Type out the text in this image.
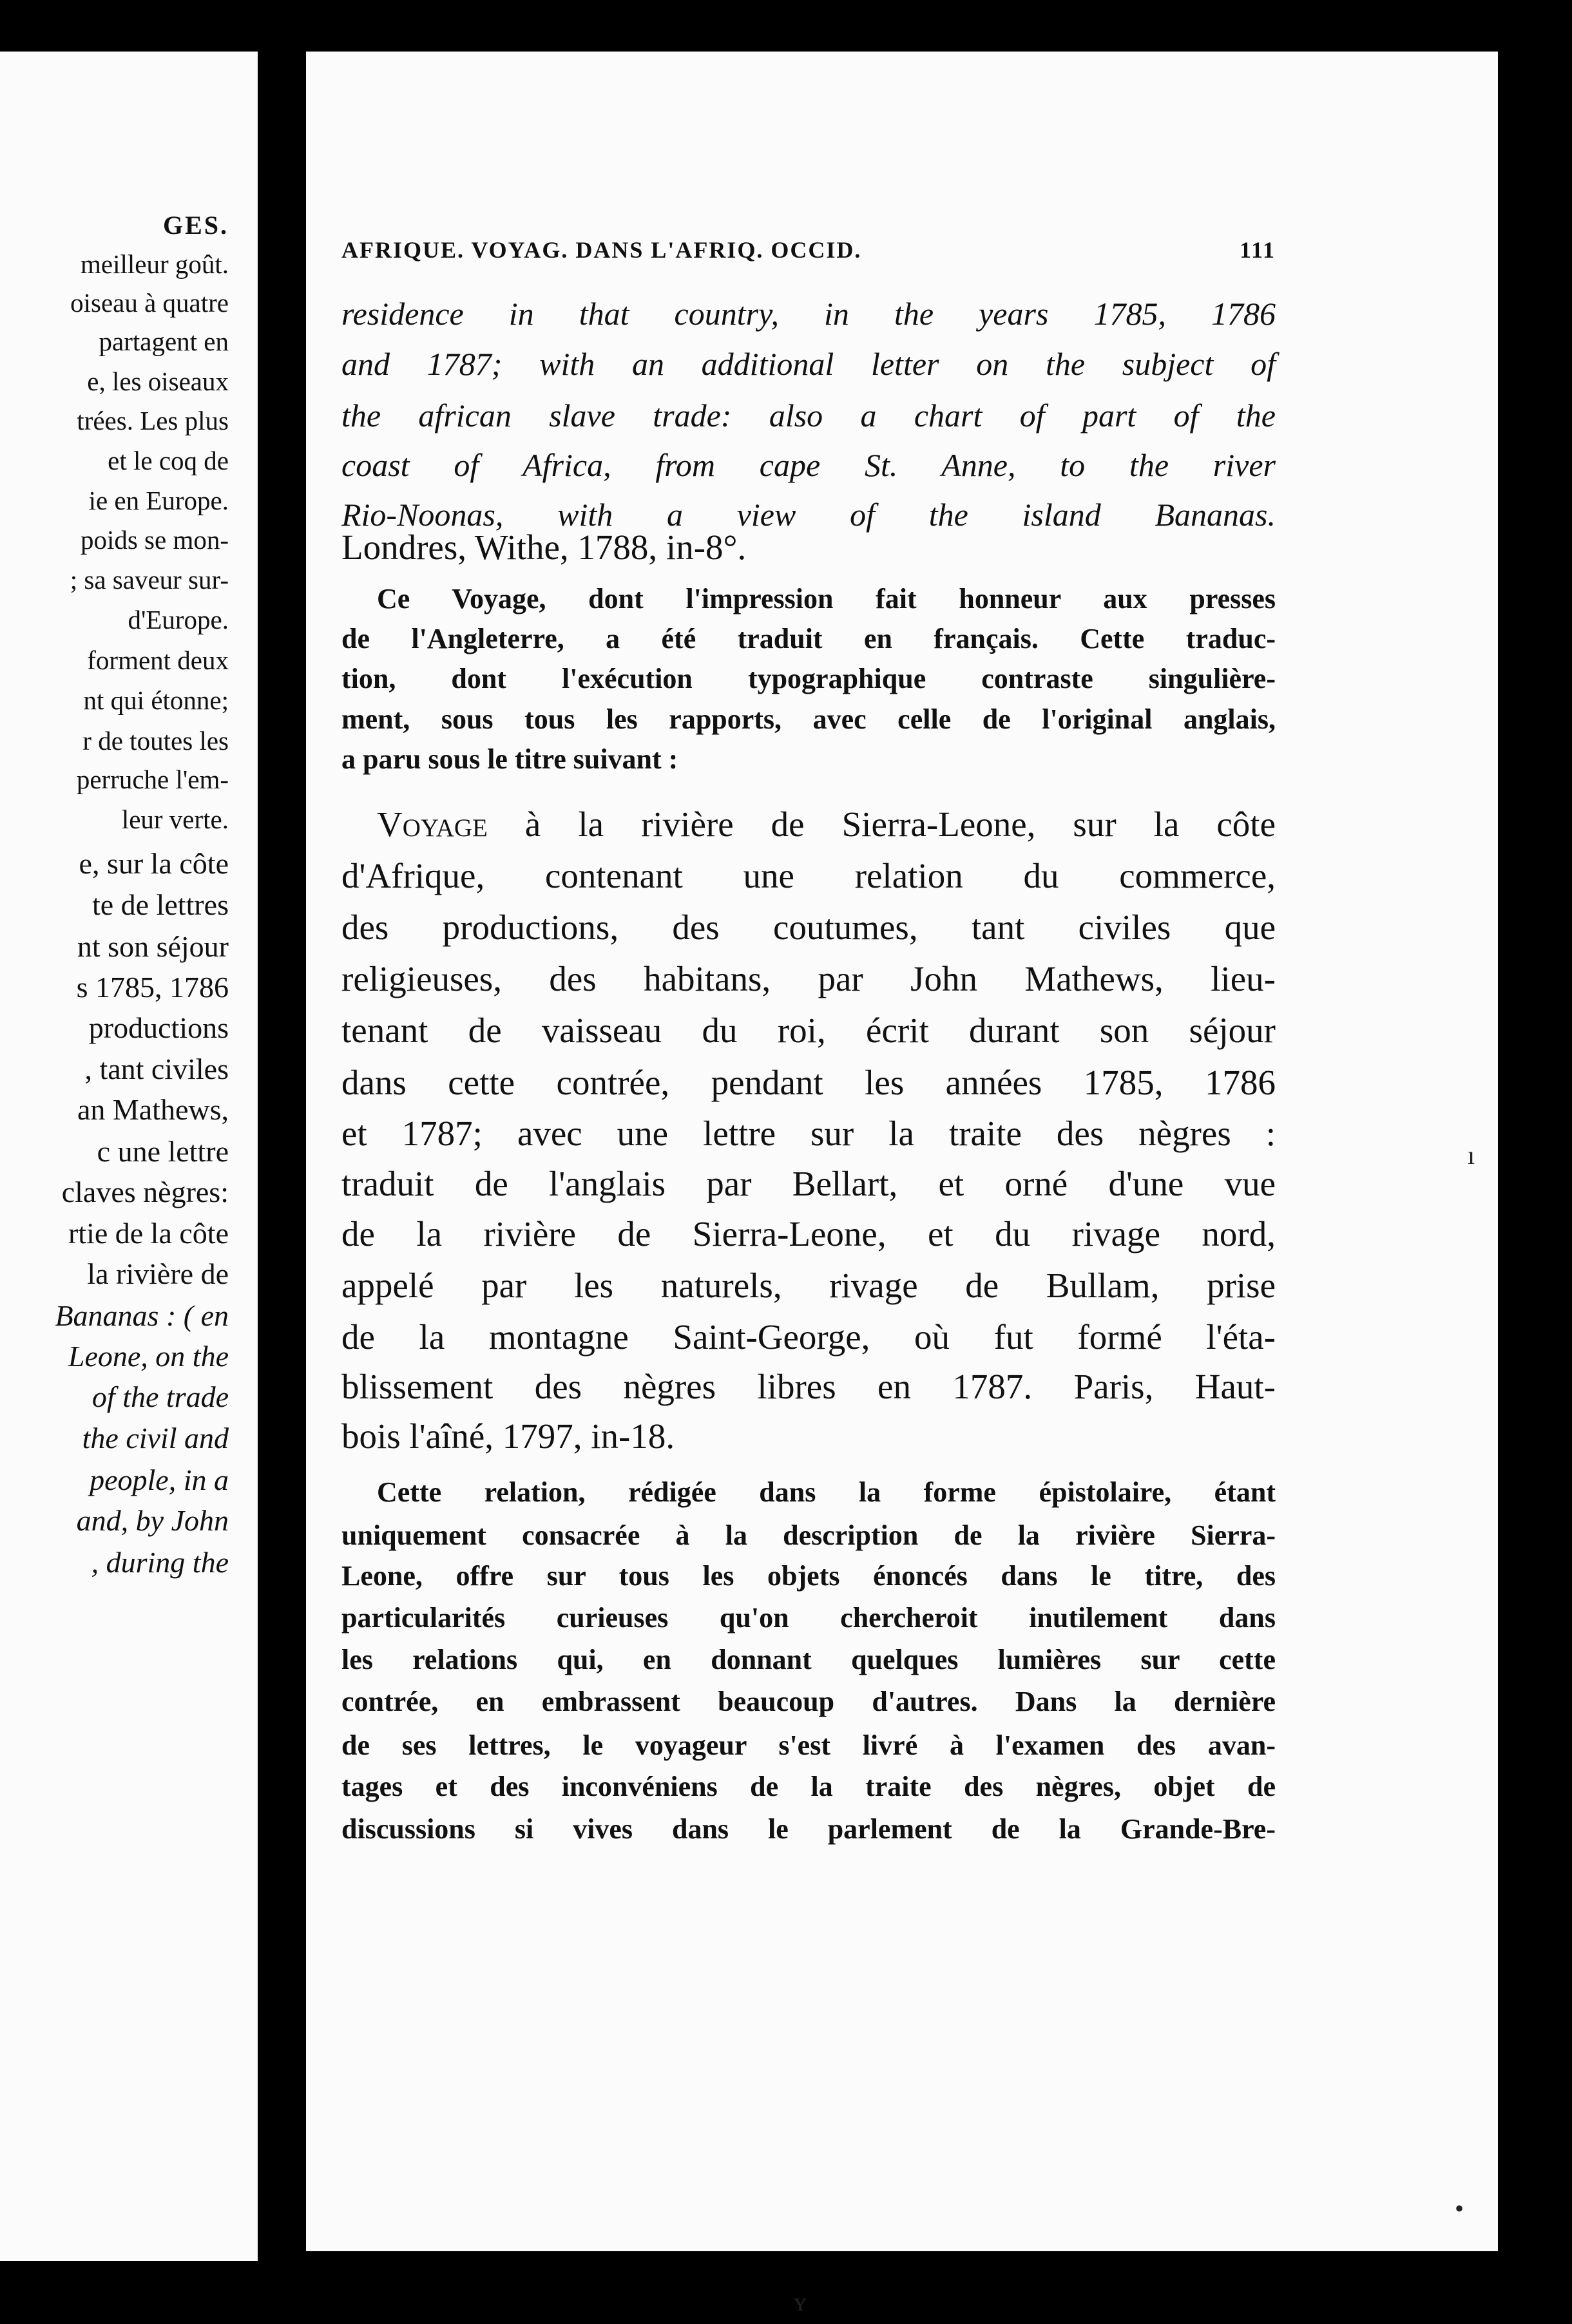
GES.
meilleur goût.
oiseau à quatre
partagent en
e, les oiseaux
trées. Les plus
et le coq de
ie en Europe.
poids se mon-
; sa saveur sur-
d'Europe.
forment deux
nt qui étonne;
r de toutes les
perruche l'em-
leur verte.
e, sur la côte
te de lettres
nt son séjour
s 1785, 1786
productions
, tant civiles
an Mathews,
c une lettre
claves nègres:
rtie de la côte
la rivière de
Bananas : ( en
Leone, on the
of the trade
the civil and
people, in a
and, by John
, during the
AFRIQUE. VOYAG. DANS L'AFRIQ. OCCID.	111
residence in that country, in the years 1785, 1786
and 1787; with an additional letter on the subject of
the african slave trade: also a chart of part of the
coast of Africa, from cape St. Anne, to the river
Rio-Noonas, with a view of the island Bananas.
Londres, Withe, 1788, in-8°.
Ce Voyage, dont l'impression fait honneur aux presses
de l'Angleterre, a été traduit en français. Cette traduc-
tion, dont l'exécution typographique contraste singulière-
ment, sous tous les rapports, avec celle de l'original anglais,
a paru sous le titre suivant :
Voyage à la rivière de Sierra-Leone, sur la côte
d'Afrique, contenant une relation du commerce,
des productions, des coutumes, tant civiles que
religieuses, des habitans, par John Mathews, lieu-
tenant de vaisseau du roi, écrit durant son séjour
dans cette contrée, pendant les années 1785, 1786
et 1787; avec une lettre sur la traite des nègres :
traduit de l'anglais par Bellart, et orné d'une vue
de la rivière de Sierra-Leone, et du rivage nord,
appelé par les naturels, rivage de Bullam, prise
de la montagne Saint-George, où fut formé l'éta-
blissement des nègres libres en 1787. Paris, Haut-
bois l'aîné, 1797, in-18.
Cette relation, rédigée dans la forme épistolaire, étant
uniquement consacrée à la description de la rivière Sierra-
Leone, offre sur tous les objets énoncés dans le titre, des
particularités curieuses qu'on chercheroit inutilement dans
les relations qui, en donnant quelques lumières sur cette
contrée, en embrassent beaucoup d'autres. Dans la dernière
de ses lettres, le voyageur s'est livré à l'examen des avan-
tages et des inconvéniens de la traite des nègres, objet de
discussions si vives dans le parlement de la Grande-Bre-
ı
•
ʏ
